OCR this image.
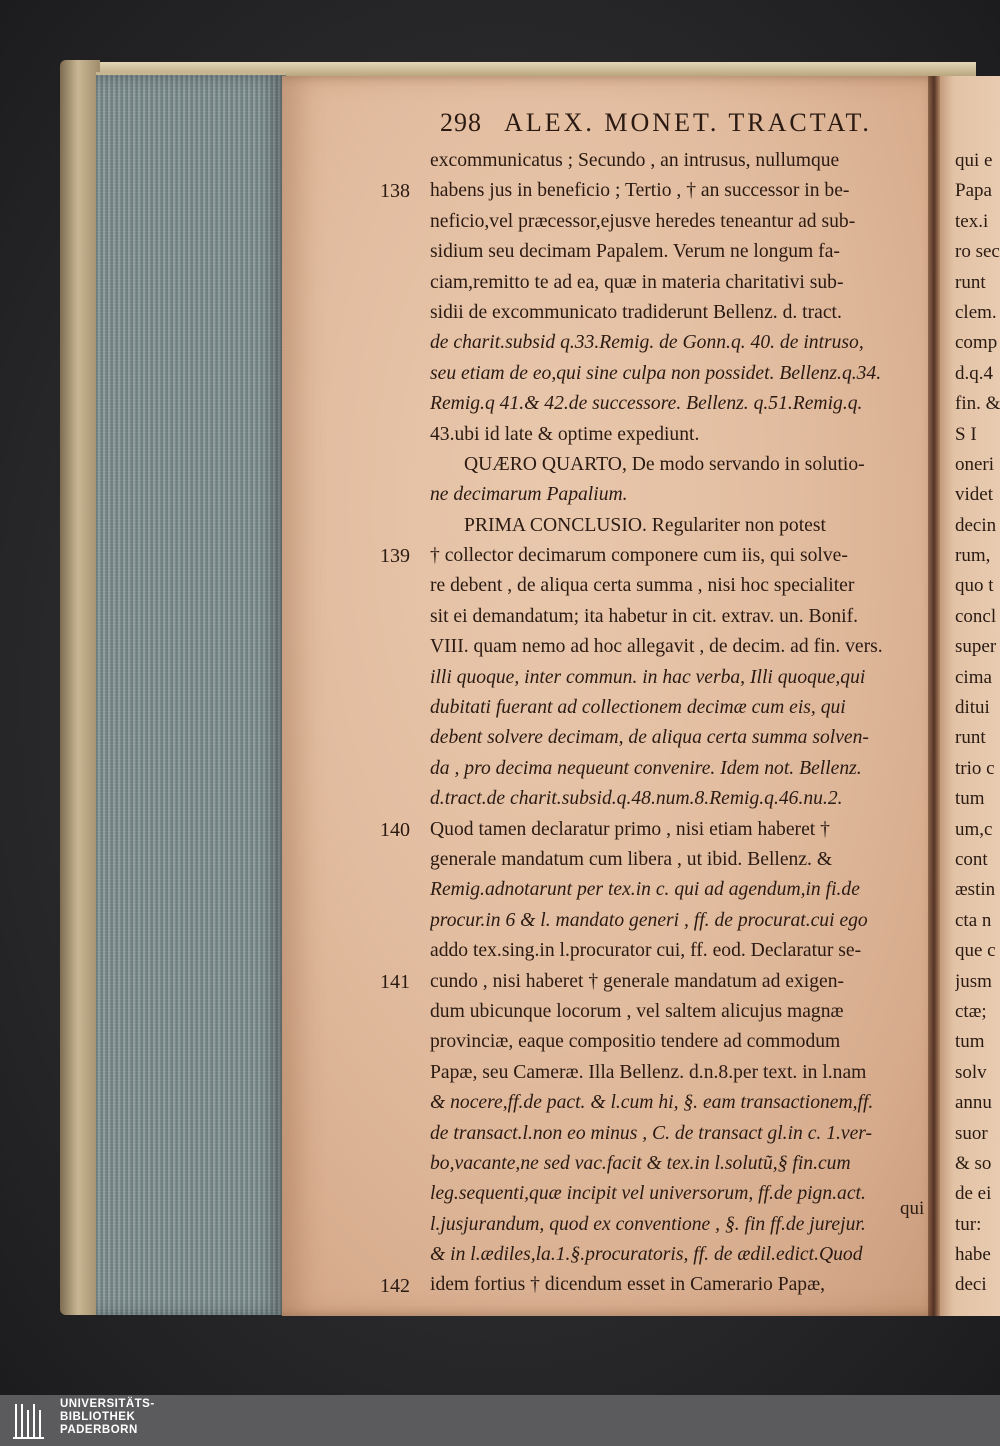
298 ALEX. MONET. TRACTAT.
138
139
140
141
142
excommunicatus ; Secundo , an intrusus, nullumque
habens jus in beneficio ; Tertio , † an successor in be-
neficio,vel præcessor,ejusve heredes teneantur ad sub-
sidium seu decimam Papalem. Verum ne longum fa-
ciam,remitto te ad ea, quæ in materia charitativi sub-
sidii de excommunicato tradiderunt Bellenz. d. tract.
de charit.subsid q.33.Remig. de Gonn.q. 40. de intruso,
seu etiam de eo,qui sine culpa non possidet. Bellenz.q.34.
Remig.q 41.& 42.de successore. Bellenz. q.51.Remig.q.
43.ubi id late & optime expediunt.
QUÆRO QUARTO, De modo servando in solutio-
ne decimarum Papalium.
PRIMA CONCLUSIO. Regulariter non potest
† collector decimarum componere cum iis, qui solve-
re debent , de aliqua certa summa , nisi hoc specialiter
sit ei demandatum; ita habetur in cit. extrav. un. Bonif.
VIII. quam nemo ad hoc allegavit , de decim. ad fin. vers.
illi quoque, inter commun. in hac verba, Illi quoque,qui
dubitati fuerant ad collectionem decimæ cum eis, qui
debent solvere decimam, de aliqua certa summa solven-
da , pro decima nequeunt convenire. Idem not. Bellenz.
d.tract.de charit.subsid.q.48.num.8.Remig.q.46.nu.2.
Quod tamen declaratur primo , nisi etiam haberet †
generale mandatum cum libera , ut ibid. Bellenz. &
Remig.adnotarunt per tex.in c. qui ad agendum,in fi.de
procur.in 6 & l. mandato generi , ff. de procurat.cui ego
addo tex.sing.in l.procurator cui, ff. eod. Declaratur se-
cundo , nisi haberet † generale mandatum ad exigen-
dum ubicunque locorum , vel saltem alicujus magnæ
provinciæ, eaque compositio tendere ad commodum
Papæ, seu Cameræ. Illa Bellenz. d.n.8.per text. in l.nam
& nocere,ff.de pact. & l.cum hi, §. eam transactionem,ff.
de transact.l.non eo minus , C. de transact gl.in c. 1.ver-
bo,vacante,ne sed vac.facit & tex.in l.solutũ,§ fin.cum
leg.sequenti,quæ incipit vel universorum, ff.de pign.act.
l.jusjurandum, quod ex conventione , §. fin ff.de jurejur.
& in l.ædiles,la.1.§.procuratoris, ff. de ædil.edict.Quod
idem fortius † dicendum esset in Camerario Papæ,
qui e
Papa
tex.i
ro sec
runt
clem.
comp
d.q.4
fin. &
S I
oneri
videt
decin
rum,
quo t
concl
super
cima
ditui
runt
trio c
tum
um,c
cont
æstin
cta n
que c
jusm
ctæ;
tum
solv
annu
suor
& so
de ei
tur:
habe
deci
qui
UNIVERSITÄTS-
BIBLIOTHEK
PADERBORN
